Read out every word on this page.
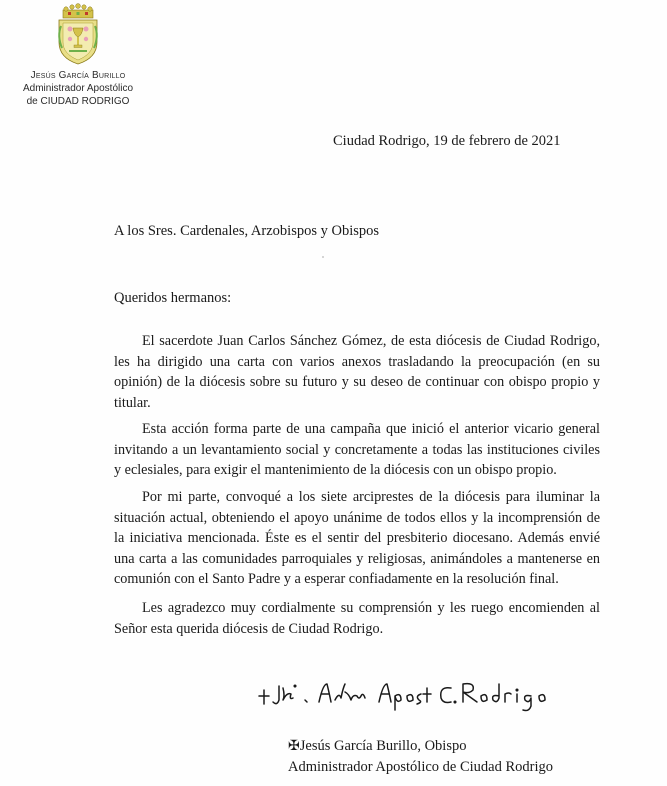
Jesús García Burillo
Administrador Apostólico
de CIUDAD RODRIGO
Ciudad Rodrigo, 19 de febrero de 2021
A los Sres. Cardenales, Arzobispos y Obispos
Queridos hermanos:
El sacerdote Juan Carlos Sánchez Gómez, de esta diócesis de Ciudad Rodrigo, les ha dirigido una carta con varios anexos trasladando la preocupación (en su opinión) de la diócesis sobre su futuro y su deseo de continuar con obispo propio y titular.
Esta acción forma parte de una campaña que inició el anterior vicario general invitando a un levantamiento social y concretamente a todas las instituciones civiles y eclesiales, para exigir el mantenimiento de la diócesis con un obispo propio.
Por mi parte, convoqué a los siete arciprestes de la diócesis para iluminar la situación actual, obteniendo el apoyo unánime de todos ellos y la incomprensión de la iniciativa mencionada. Éste es el sentir del presbiterio diocesano. Además envié una carta a las comunidades parroquiales y religiosas, animándoles a mantenerse en comunión con el Santo Padre y a esperar confiadamente en la resolución final.
Les agradezco muy cordialmente su comprensión y les ruego encomienden al Señor esta querida diócesis de Ciudad Rodrigo.
✠Jesús García Burillo, Obispo
Administrador Apostólico de Ciudad Rodrigo
